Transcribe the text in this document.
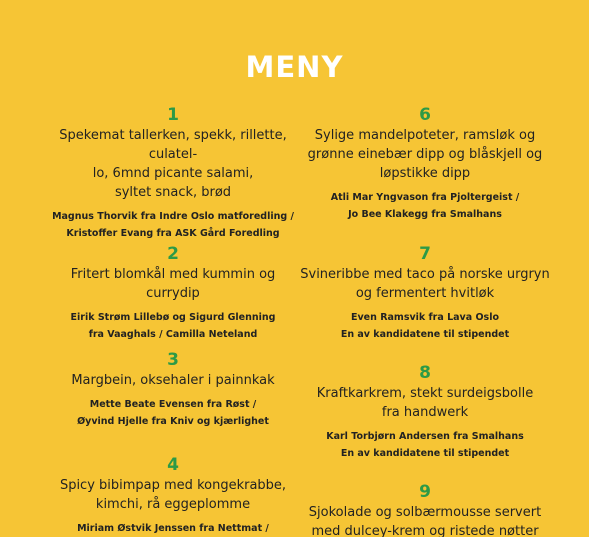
MENY
1
Spekemat tallerken, spekk, rillette, culatel-
lo, 6mnd picante salami,
syltet snack, brød
Magnus Thorvik fra Indre Oslo matforedling /
Kristoffer Evang fra ASK Gård Foredling
2
Fritert blomkål med kummin og currydip
Eirik Strøm Lillebø og Sigurd Glenning
fra Vaaghals / Camilla Neteland
3
Margbein, oksehaler i painnkak
Mette Beate Evensen fra Røst /
Øyvind Hjelle fra Kniv og kjærlighet
4
Spicy bibimpap med kongekrabbe,
kimchi, rå eggeplomme
Miriam Østvik Jenssen fra Nettmat /
6
Sylige mandelpoteter, ramsløk og
grønne einebær dipp og blåskjell og
løpstikke dipp
Atli Mar Yngvason fra Pjoltergeist /
Jo Bee Klakegg fra Smalhans
7
Svineribbe med taco på norske urgryn
og fermentert hvitløk
Even Ramsvik fra Lava Oslo
En av kandidatene til stipendet
8
Kraftkarkrem, stekt surdeigsbolle
fra handwerk
Karl Torbjørn Andersen fra Smalhans
En av kandidatene til stipendet
9
Sjokolade og solbærmousse servert
med dulcey-krem og ristede nøtter
